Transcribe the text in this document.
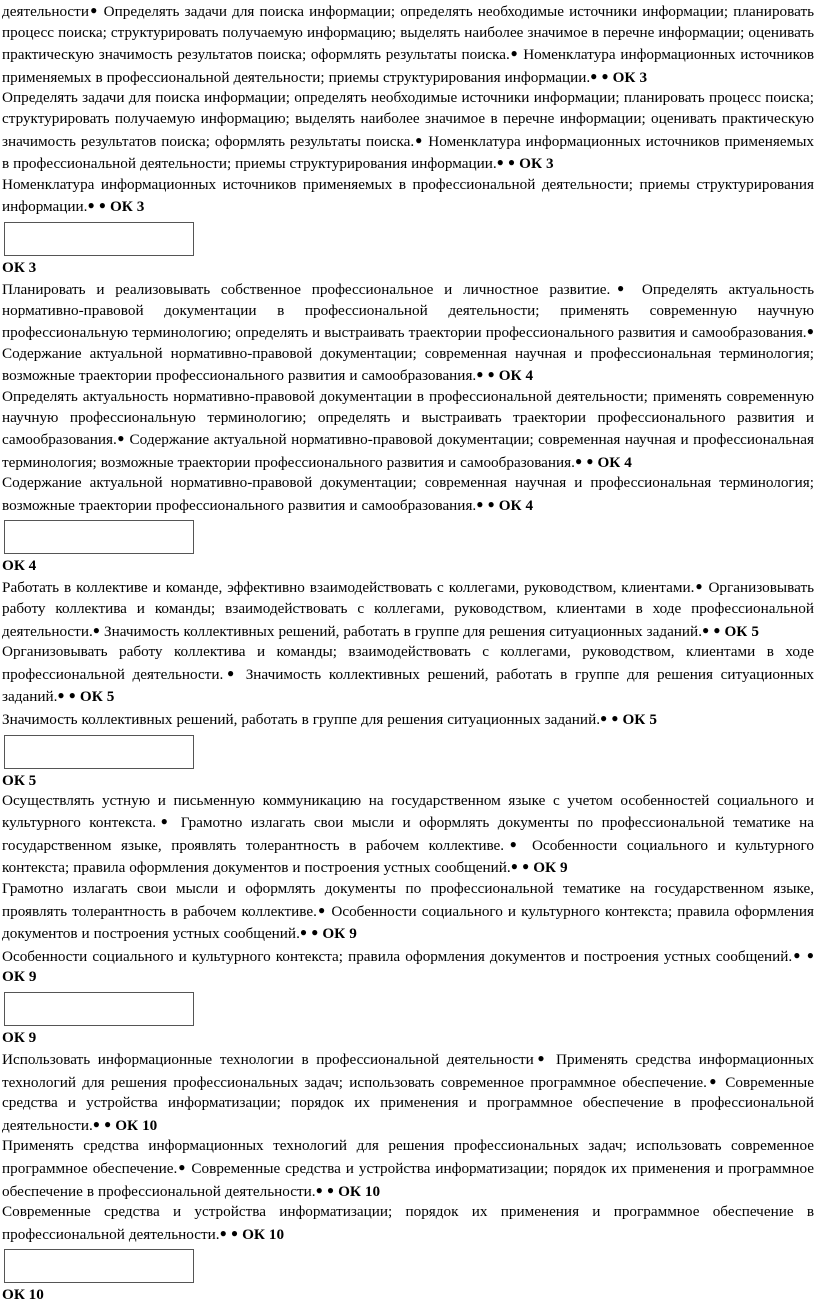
деятельности● Определять задачи для поиска информации; определять необходимые источники информации; планировать процесс поиска; структурировать получаемую информацию; выделять наиболее значимое в перечне информации; оценивать практическую значимость результатов поиска; оформлять результаты поиска.● Номенклатура информационных источников применяемых в профессиональной деятельности; приемы структурирования информации.● ● ОК 3

Определять задачи для поиска информации; определять необходимые источники информации; планировать процесс поиска; структурировать получаемую информацию; выделять наиболее значимое в перечне информации; оценивать практическую значимость результатов поиска; оформлять результаты поиска.● Номенклатура информационных источников применяемых в профессиональной деятельности; приемы структурирования информации.● ● ОК 3

Номенклатура информационных источников применяемых в профессиональной деятельности; приемы структурирования информации.● ● ОК 3

ОК 3

Планировать и реализовывать собственное профессиональное и личностное развитие.● Определять актуальность нормативно-правовой документации в профессиональной деятельности; применять современную научную профессиональную терминологию; определять и выстраивать траектории профессионального развития и самообразования.● Содержание актуальной нормативно-правовой документации; современная научная и профессиональная терминология; возможные траектории профессионального развития и самообразования.● ● ОК 4

Определять актуальность нормативно-правовой документации в профессиональной деятельности; применять современную научную профессиональную терминологию; определять и выстраивать траектории профессионального развития и самообразования.● Содержание актуальной нормативно-правовой документации; современная научная и профессиональная терминология; возможные траектории профессионального развития и самообразования.● ● ОК 4

Содержание актуальной нормативно-правовой документации; современная научная и профессиональная терминология; возможные траектории профессионального развития и самообразования.● ● ОК 4

ОК 4

Работать в коллективе и команде, эффективно взаимодействовать с коллегами, руководством, клиентами.● Организовывать работу коллектива и команды; взаимодействовать с коллегами, руководством, клиентами в ходе профессиональной деятельности.● Значимость коллективных решений, работать в группе для решения ситуационных заданий.● ● ОК 5

Организовывать работу коллектива и команды; взаимодействовать с коллегами, руководством, клиентами в ходе профессиональной деятельности.● Значимость коллективных решений, работать в группе для решения ситуационных заданий.● ● ОК 5

Значимость коллективных решений, работать в группе для решения ситуационных заданий.● ● ОК 5

ОК 5

Осуществлять устную и письменную коммуникацию на государственном языке с учетом особенностей социального и культурного контекста.● Грамотно излагать свои мысли и оформлять документы по профессиональной тематике на государственном языке, проявлять толерантность в рабочем коллективе.● Особенности социального и культурного контекста; правила оформления документов и построения устных сообщений.● ● ОК 9

Грамотно излагать свои мысли и оформлять документы по профессиональной тематике на государственном языке, проявлять толерантность в рабочем коллективе.● Особенности социального и культурного контекста; правила оформления документов и построения устных сообщений.● ● ОК 9

Особенности социального и культурного контекста; правила оформления документов и построения устных сообщений.● ● ОК 9

ОК 9

Использовать информационные технологии в профессиональной деятельности● Применять средства информационных технологий для решения профессиональных задач; использовать современное программное обеспечение.● Современные средства и устройства информатизации; порядок их применения и программное обеспечение в профессиональной деятельности.● ● ОК 10

Применять средства информационных технологий для решения профессиональных задач; использовать современное программное обеспечение.● Современные средства и устройства информатизации; порядок их применения и программное обеспечение в профессиональной деятельности.● ● ОК 10

Современные средства и устройства информатизации; порядок их применения и программное обеспечение в профессиональной деятельности.● ● ОК 10

ОК 10
